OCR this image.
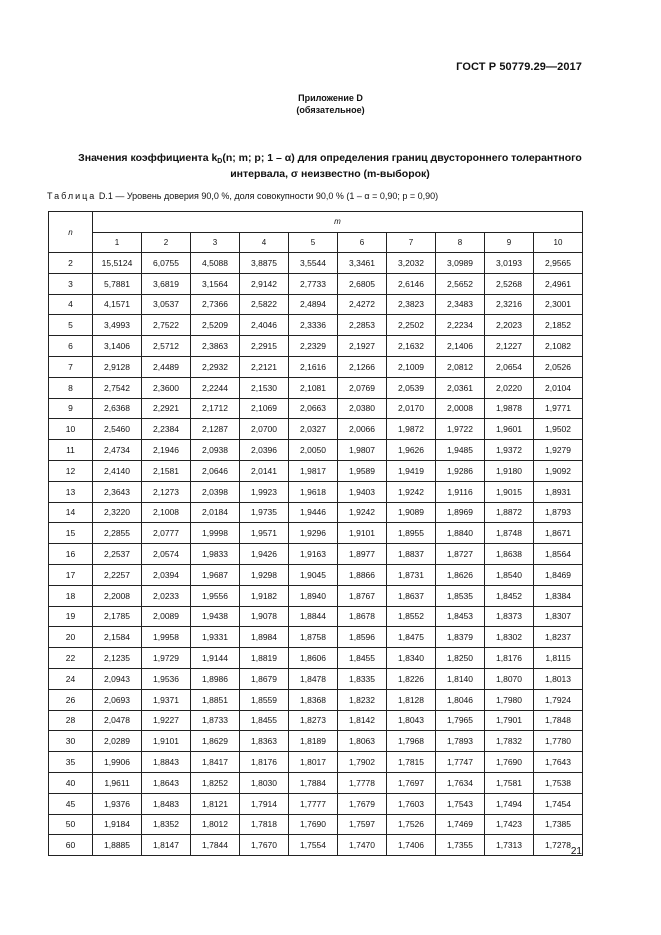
ГОСТ Р 50779.29—2017
Приложение D
(обязательное)
Значения коэффициента $k_D(n$; m; p; 1 – α) для определения границ двустороннего толерантного
интервала, σ неизвестно (m-выборок)
Таблица D.1 — Уровень доверия 90,0 %, доля совокупности 90,0 % (1 – α = 0,90; p = 0,90)
n	m									
	1	2	3	4	5	6	7	8	9	10
2	15,5124	6,0755	4,5088	3,8875	3,5544	3,3461	3,2032	3,0989	3,0193	2,9565
3	5,7881	3,6819	3,1564	2,9142	2,7733	2,6805	2,6146	2,5652	2,5268	2,4961
4	4,1571	3,0537	2,7366	2,5822	2,4894	2,4272	2,3823	2,3483	2,3216	2,3001
5	3,4993	2,7522	2,5209	2,4046	2,3336	2,2853	2,2502	2,2234	2,2023	2,1852
6	3,1406	2,5712	2,3863	2,2915	2,2329	2,1927	2,1632	2,1406	2,1227	2,1082
7	2,9128	2,4489	2,2932	2,2121	2,1616	2,1266	2,1009	2,0812	2,0654	2,0526
8	2,7542	2,3600	2,2244	2,1530	2,1081	2,0769	2,0539	2,0361	2,0220	2,0104
9	2,6368	2,2921	2,1712	2,1069	2,0663	2,0380	2,0170	2,0008	1,9878	1,9771
10	2,5460	2,2384	2,1287	2,0700	2,0327	2,0066	1,9872	1,9722	1,9601	1,9502
11	2,4734	2,1946	2,0938	2,0396	2,0050	1,9807	1,9626	1,9485	1,9372	1,9279
12	2,4140	2,1581	2,0646	2,0141	1,9817	1,9589	1,9419	1,9286	1,9180	1,9092
13	2,3643	2,1273	2,0398	1,9923	1,9618	1,9403	1,9242	1,9116	1,9015	1,8931
14	2,3220	2,1008	2,0184	1,9735	1,9446	1,9242	1,9089	1,8969	1,8872	1,8793
15	2,2855	2,0777	1,9998	1,9571	1,9296	1,9101	1,8955	1,8840	1,8748	1,8671
16	2,2537	2,0574	1,9833	1,9426	1,9163	1,8977	1,8837	1,8727	1,8638	1,8564
17	2,2257	2,0394	1,9687	1,9298	1,9045	1,8866	1,8731	1,8626	1,8540	1,8469
18	2,2008	2,0233	1,9556	1,9182	1,8940	1,8767	1,8637	1,8535	1,8452	1,8384
19	2,1785	2,0089	1,9438	1,9078	1,8844	1,8678	1,8552	1,8453	1,8373	1,8307
20	2,1584	1,9958	1,9331	1,8984	1,8758	1,8596	1,8475	1,8379	1,8302	1,8237
22	2,1235	1,9729	1,9144	1,8819	1,8606	1,8455	1,8340	1,8250	1,8176	1,8115
24	2,0943	1,9536	1,8986	1,8679	1,8478	1,8335	1,8226	1,8140	1,8070	1,8013
26	2,0693	1,9371	1,8851	1,8559	1,8368	1,8232	1,8128	1,8046	1,7980	1,7924
28	2,0478	1,9227	1,8733	1,8455	1,8273	1,8142	1,8043	1,7965	1,7901	1,7848
30	2,0289	1,9101	1,8629	1,8363	1,8189	1,8063	1,7968	1,7893	1,7832	1,7780
35	1,9906	1,8843	1,8417	1,8176	1,8017	1,7902	1,7815	1,7747	1,7690	1,7643
40	1,9611	1,8643	1,8252	1,8030	1,7884	1,7778	1,7697	1,7634	1,7581	1,7538
45	1,9376	1,8483	1,8121	1,7914	1,7777	1,7679	1,7603	1,7543	1,7494	1,7454
50	1,9184	1,8352	1,8012	1,7818	1,7690	1,7597	1,7526	1,7469	1,7423	1,7385
60	1,8885	1,8147	1,7844	1,7670	1,7554	1,7470	1,7406	1,7355	1,7313	1,7278
21
